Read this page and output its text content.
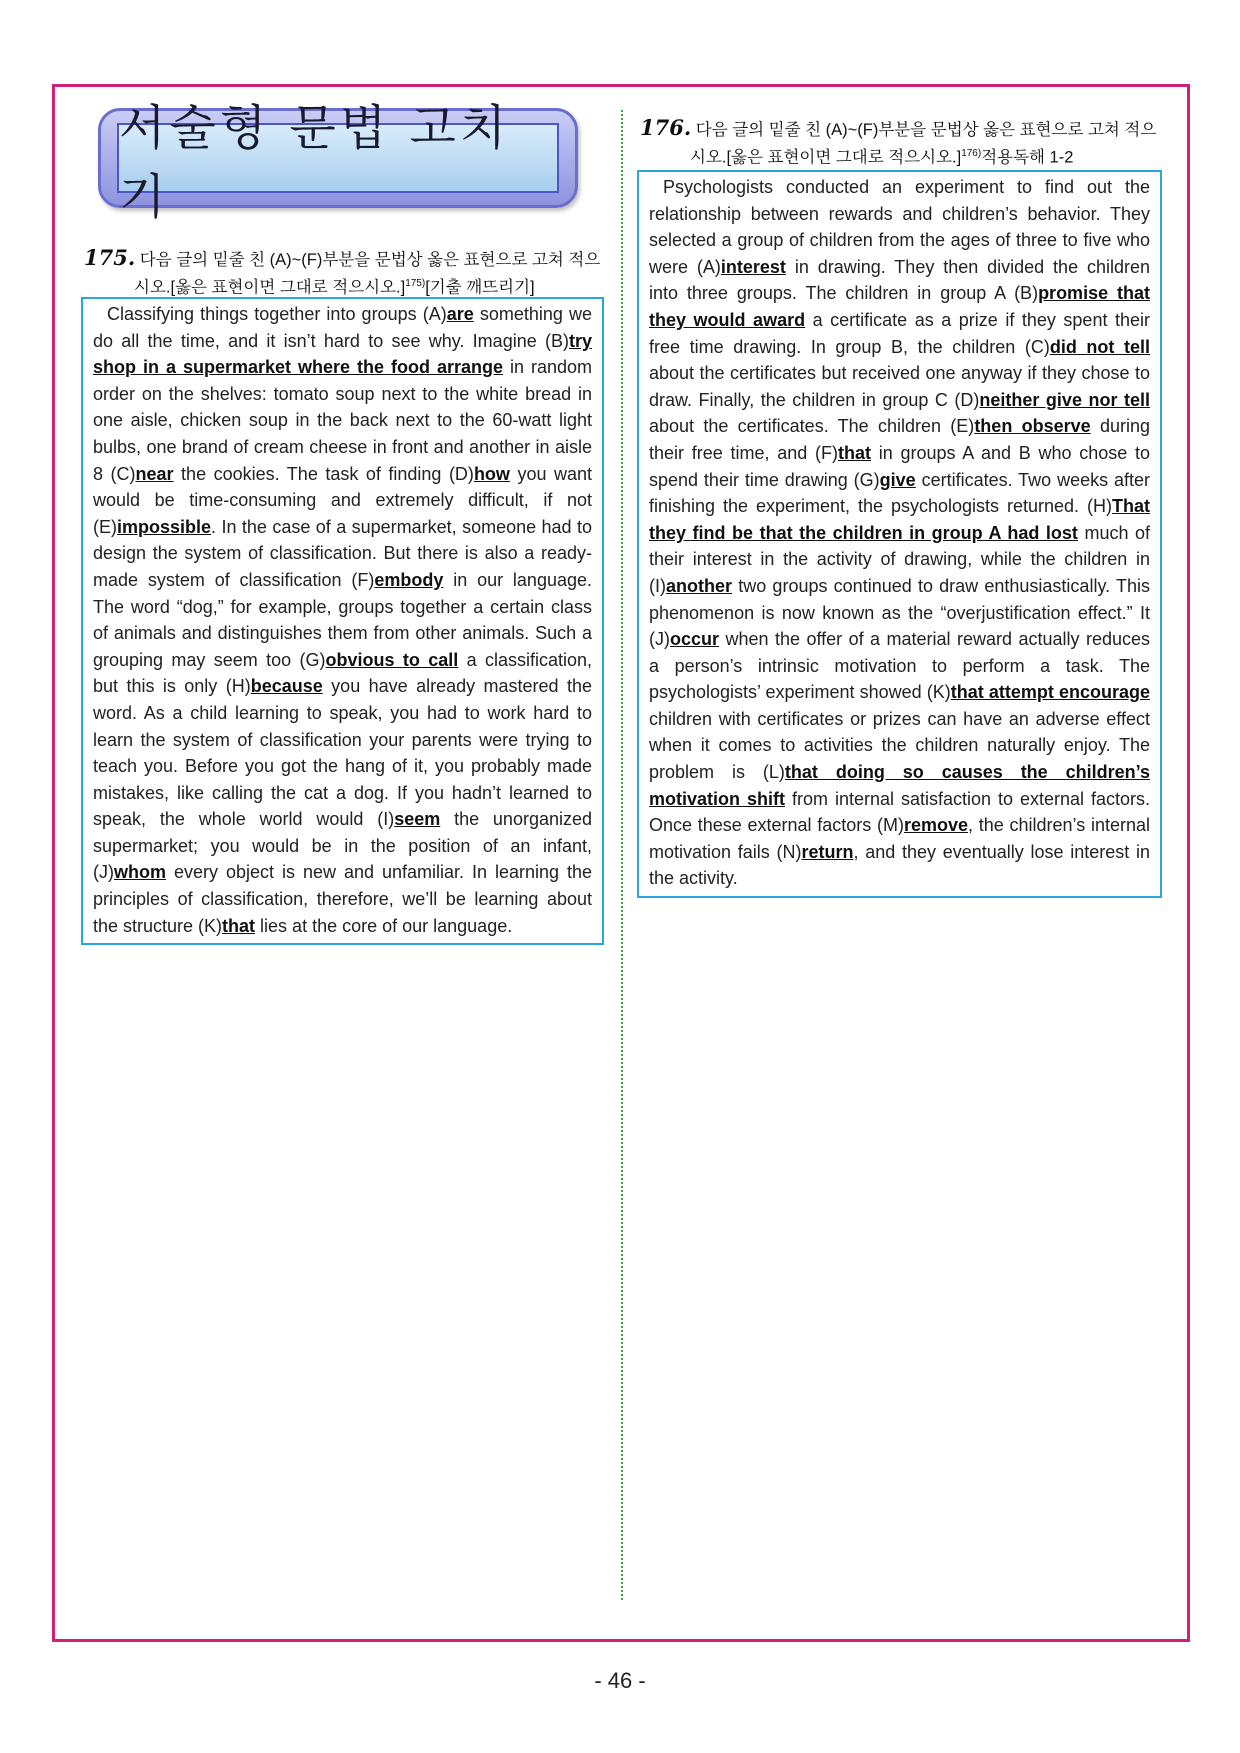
서술형 문법 고치기
175. 다음 글의 밑줄 친 (A)~(F)부분을 문법상 옳은 표현으로 고쳐 적으
시오.[옳은 표현이면 그대로 적으시오.]$^{175)}$[기출 깨뜨리기]

Classifying things together into groups (A)are something we do all the time, and it isn’t hard to see why. Imagine (B)try shop in a supermarket where the food arrange in random order on the shelves: tomato soup next to the white bread in one aisle, chicken soup in the back next to the 60-watt light bulbs, one brand of cream cheese in front and another in aisle 8 (C)near the cookies. The task of finding (D)how you want would be time-consuming and extremely difficult, if not (E)impossible. In the case of a supermarket, someone had to design the system of classification. But there is also a ready-made system of classification (F)embody in our language. The word “dog,” for example, groups together a certain class of animals and distinguishes them from other animals. Such a grouping may seem too (G)obvious to call a classification, but this is only (H)because you have already mastered the word. As a child learning to speak, you had to work hard to learn the system of classification your parents were trying to teach you. Before you got the hang of it, you probably made mistakes, like calling the cat a dog. If you hadn’t learned to speak, the whole world would (I)seem the unorganized supermarket; you would be in the position of an infant, (J)whom every object is new and unfamiliar. In learning the principles of classification, therefore, we’ll be learning about the structure (K)that lies at the core of our language.

176. 다음 글의 밑줄 친 (A)~(F)부분을 문법상 옳은 표현으로 고쳐 적으
시오.[옳은 표현이면 그대로 적으시오.]$^{176)}$적용독해 1-2

Psychologists conducted an experiment to find out the relationship between rewards and children’s behavior. They selected a group of children from the ages of three to five who were (A)interest in drawing. They then divided the children into three groups. The children in group A (B)promise that they would award a certificate as a prize if they spent their free time drawing. In group B, the children (C)did not tell about the certificates but received one anyway if they chose to draw. Finally, the children in group C (D)neither give nor tell about the certificates. The children (E)then observe during their free time, and (F)that in groups A and B who chose to spend their time drawing (G)give certificates. Two weeks after finishing the experiment, the psychologists returned. (H)That they find be that the children in group A had lost much of their interest in the activity of drawing, while the children in (I)another two groups continued to draw enthusiastically. This phenomenon is now known as the “overjustification effect.” It (J)occur when the offer of a material reward actually reduces a person’s intrinsic motivation to perform a task. The psychologists’ experiment showed (K)that attempt encourage children with certificates or prizes can have an adverse effect when it comes to activities the children naturally enjoy. The problem is (L)that doing so causes the children’s motivation shift from internal satisfaction to external factors. Once these external factors (M)remove, the children’s internal motivation fails (N)return, and they eventually lose interest in the activity.

- 46 -
